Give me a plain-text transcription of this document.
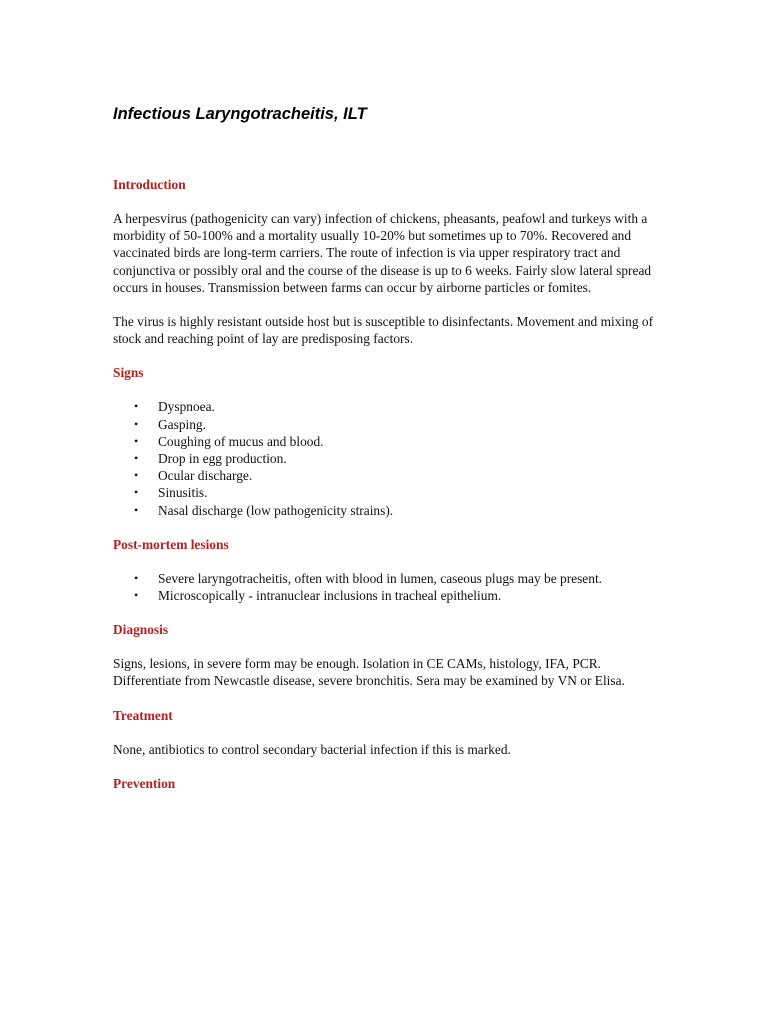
Infectious Laryngotracheitis, ILT
Introduction

A herpesvirus (pathogenicity can vary) infection of chickens, pheasants, peafowl and turkeys with a morbidity of 50-100% and a mortality usually 10-20% but sometimes up to 70%. Recovered and vaccinated birds are long-term carriers. The route of infection is via upper respiratory tract and conjunctiva or possibly oral and the course of the disease is up to 6 weeks. Fairly slow lateral spread occurs in houses. Transmission between farms can occur by airborne particles or fomites.

The virus is highly resistant outside host but is susceptible to disinfectants. Movement and mixing of stock and reaching point of lay are predisposing factors.

Signs
• Dyspnoea.
• Gasping.
• Coughing of mucus and blood.
• Drop in egg production.
• Ocular discharge.
• Sinusitis.
• Nasal discharge (low pathogenicity strains).
Post-mortem lesions
• Severe laryngotracheitis, often with blood in lumen, caseous plugs may be present.
• Microscopically - intranuclear inclusions in tracheal epithelium.
Diagnosis

Signs, lesions, in severe form may be enough. Isolation in CE CAMs, histology, IFA, PCR. Differentiate from Newcastle disease, severe bronchitis. Sera may be examined by VN or Elisa.

Treatment

None, antibiotics to control secondary bacterial infection if this is marked.

Prevention
